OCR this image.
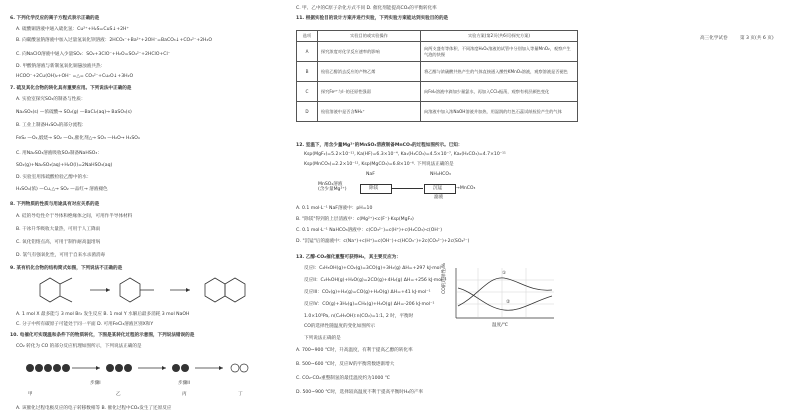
6. 下列化学反应的离子方程式表示正确的是
A. 硫酸铜溶液中通入硫化氢：Cu²⁺+H₂S=CuS↓+2H⁺
B. 向碳酸氢钠溶液中加入过量氢氧化钡溶液：2HCO₃⁻+Ba²⁺+2OH⁻=BaCO₃↓+CO₃²⁻+2H₂O
C. 向NaClO溶液中通入少量SO₂：SO₂+3ClO⁻+H₂O=SO₄²⁻+2HClO+Cl⁻
D. 甲酸钠溶液与新制氢氧化铜悬浊液共热：
HCOO⁻+2Cu(OH)₂+OH⁻ =△= CO₃²⁻+Cu₂O↓+3H₂O
7. 硫及其化合物的转化具有重要应用。下列说法中正确的是
A. 实验室探究SO₂的制备与性质：
Na₂SO₃(s) —浓硫酸→ SO₂(g) —BaCl₂(aq)→ BaSO₃(s)
B. 工业上制备H₂SO₄的部分流程：
FeS₂ —O₂,煅烧→ SO₂ —O₂,催化剂△→ SO₃ —H₂O→ H₂SO₄
C. 用Na₂SO₃溶液吸收SO₂制备NaHSO₃：
SO₂(g)+Na₂SO₃(aq)+H₂O(l)=2NaHSO₃(aq)
D. 实验室用浓硫酸检验乙醇中的水：
H₂SO₄(浓) —Cu,△→ SO₂ —品红→ 溶液褪色
8. 下列物质的性质与用途具有对应关系的是
A. 硅的导电性介于导体和绝缘体之间，可用作半导体材料
B. 干冰升华吸收大量热，可用于人工降雨
C. 氧化铝熔点高，可用于制作耐高温坩埚
D. 氯气有强氧化性，可用于自来水杀菌消毒
9. 某有机化合物的结构简式如图，下列说法不正确的是
A. 1 mol X 最多能与 3 mol Br₂ 发生反应 B. 1 mol Y 水解后最多消耗 3 mol NaOH
C. 分子中所有碳原子可能处于同一平面 D. 可用FeCl₃溶液区别X和Y
10. 电催化可实现温和条件下的物质转化，下图是某转化过程的示意图，下列说法错误的是
CO₂ 转化为 CO 的部分反应机理如图所示，下列说法正确的是
A. 该催化过程电极反应的电子转移数相等 B. 催化过程中CO₂发生了还原反应
步骤I	步骤II
甲	乙	丙	丁
C. 甲、乙中的C原子杂化方式不同 D. 催化剂能提高CO₂的平衡转化率
11. 根据实验目的设计方案并进行实验，下列实验方案能达到实验目的的是
12. 室温下，用含少量Mg²⁺的MnSO₄溶液制备MnCO₃的过程如图所示。已知：
Ksp(MgF₂)=5.2×10⁻¹¹, Ka(HF)=6.3×10⁻⁴, Ka₁(H₂CO₃)=4.5×10⁻⁷, Ka₂(H₂CO₃)=4.7×10⁻¹¹
Ksp(MnCO₃)=2.2×10⁻¹¹, Ksp(MgCO₃)=6.8×10⁻⁶. 下列说法正确的是
A. 0.1 mol·L⁻¹ NaF溶液中：pH=10
B. "除镁"得到的上层清液中：c(Mg²⁺)<c(F⁻)·Ksp(MgF₂)
C. 0.1 mol·L⁻¹ NaHCO₃溶液中：c(CO₃²⁻)=c(H⁺)+c(H₂CO₃)-c(OH⁻)
D. "沉锰"后的滤液中：c(Na⁺)+c(H⁺)=c(OH⁻)+c(HCO₃⁻)+2c(CO₃²⁻)+2c(SO₄²⁻)
13. 乙醇-CO₂催化重整可获得H₂，其主要反应为：
反应I：C₂H₅OH(g)+CO₂(g)=3CO(g)+3H₂(g) ΔH=+297 kJ·mol⁻¹
反应II：C₂H₅OH(g)+H₂O(g)=2CO(g)+4H₂(g) ΔH=+256 kJ·mol⁻¹
反应III：CO₂(g)+H₂(g)=CO(g)+H₂O(g) ΔH=+41 kJ·mol⁻¹
反应IV：CO(g)+3H₂(g)=CH₄(g)+H₂O(g) ΔH=-206 kJ·mol⁻¹
1.0×10⁵Pa, n(C₂H₅OH):n(CO₂)=1:1, 2 时，平衡时
CO的选择性随温度的变化如图所示
下列说法正确的是
A. 700~900 ℃时，升高温度，有利于提高乙醇的转化率
B. 500~600 ℃时，反应IV的平衡常数逐渐增大
C. CO₂-CO₂重整制氢的最佳温度约为1000 ℃
D. 500~900 ℃时，选择较高温度不利于提高平衡时H₂的产率
选项	实验目的或实验操作	实验方案(第2页(共6页)探究方案)
A	探究浓度对化学反应速率的影响	向两支盛有等体积、不同浓度H₂O₂溶液的试管中分别加入等量MnO₂，观察产生气泡的快慢
B	检验乙醇消去反应的产物乙烯	将乙醇与浓硫酸共热产生的气体直接通入酸性KMnO₄溶液，观察溶液是否褪色
C	探究Fe²⁺与I⁻的还原性强弱	向FeI₂溶液中滴加少量氯水，再加入CCl₄振荡，观察有机层颜色变化
D	检验溶液中是否含NH₄⁺	向溶液中加入浓NaOH溶液并加热，用湿润的红色石蕊试纸检验产生的气体
MnSO₄溶液
(含少量Mg²⁺)
NaF	NH₄HCO₃
除镁	沉锰	→MnCO₃
滤液
①
②
CO的选择性/%
温度/℃
高三化学试卷	第 3 页(共 6 页)
